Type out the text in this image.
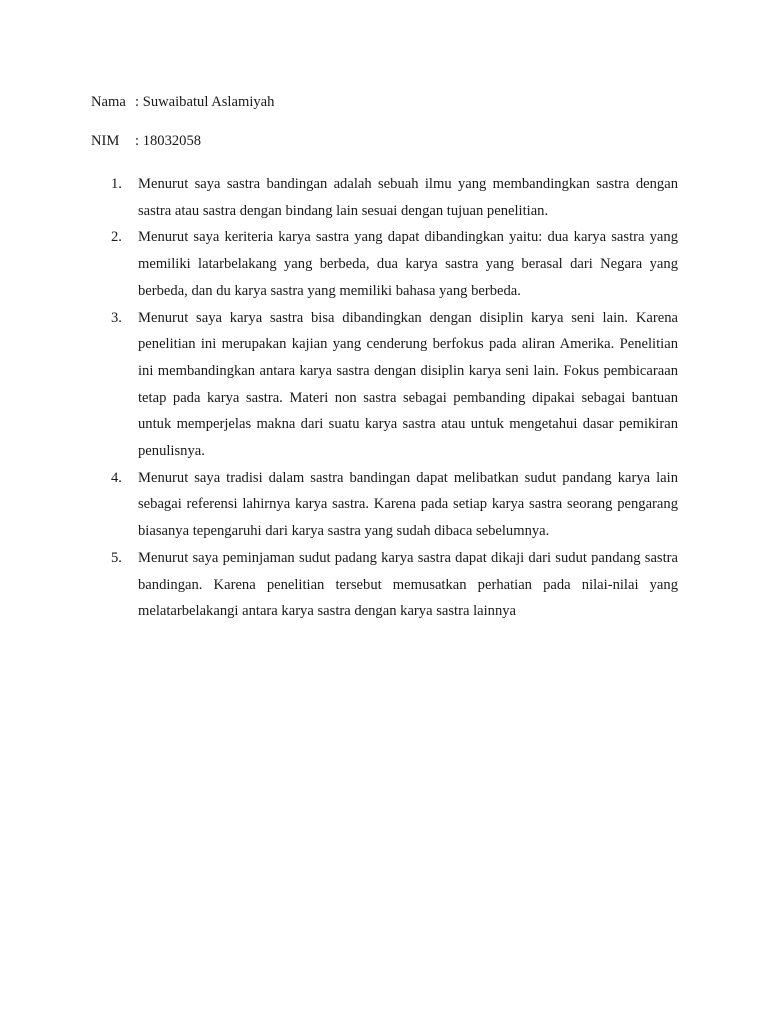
Nama : Suwaibatul Aslamiyah
NIM : 18032058
1. Menurut saya sastra bandingan adalah sebuah ilmu yang membandingkan sastra dengan sastra atau sastra dengan bindang lain sesuai dengan tujuan penelitian.
2. Menurut saya keriteria karya sastra yang dapat dibandingkan yaitu: dua karya sastra yang memiliki latarbelakang yang berbeda, dua karya sastra yang berasal dari Negara yang berbeda, dan du karya sastra yang memiliki bahasa yang berbeda.
3. Menurut saya karya sastra bisa dibandingkan dengan disiplin karya seni lain. Karena penelitian ini merupakan kajian yang cenderung berfokus pada aliran Amerika. Penelitian ini membandingkan antara karya sastra dengan disiplin karya seni lain. Fokus pembicaraan tetap pada karya sastra. Materi non sastra sebagai pembanding dipakai sebagai bantuan untuk memperjelas makna dari suatu karya sastra atau untuk mengetahui dasar pemikiran penulisnya.
4. Menurut saya tradisi dalam sastra bandingan dapat melibatkan sudut pandang karya lain sebagai referensi lahirnya karya sastra. Karena pada setiap karya sastra seorang pengarang biasanya tepengaruhi dari karya sastra yang sudah dibaca sebelumnya.
5. Menurut saya peminjaman sudut padang karya sastra dapat dikaji dari sudut pandang sastra bandingan. Karena penelitian tersebut memusatkan perhatian pada nilai-nilai yang melatarbelakangi antara karya sastra dengan karya sastra lainnya
